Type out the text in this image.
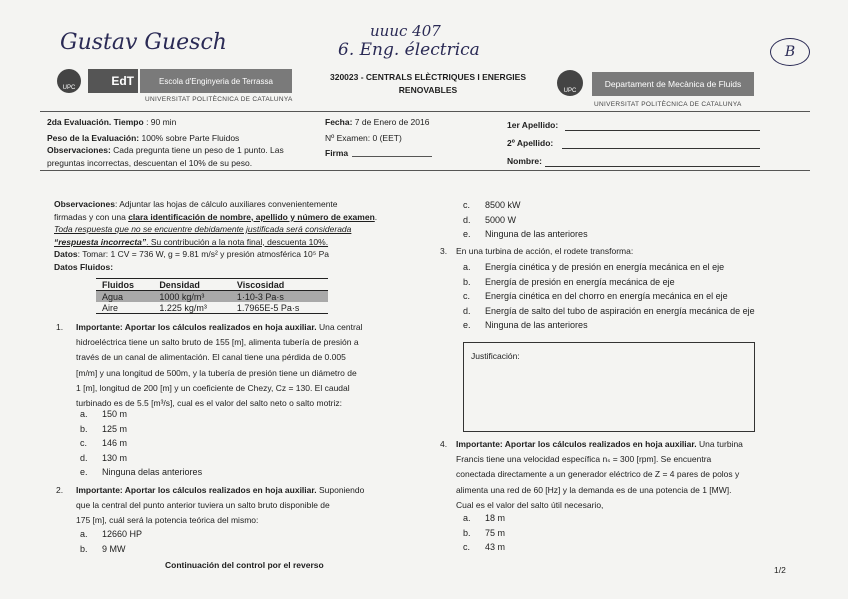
Gustav Guesch	uuuc 407
6. Eng. électrica	B
UPC	EdT	Escola d'Enginyeria de Terrassa
UNIVERSITAT POLITÈCNICA DE CATALUNYA
320023 - CENTRALS ELÈCTRIQUES I ENERGIES
RENOVABLES	UPC
Departament de Mecànica de Fluids
UNIVERSITAT POLITÈCNICA DE CATALUNYA
2da Evaluación. Tiempo : 90 min
Peso de la Evaluación: 100% sobre Parte Fluidos
Observaciones: Cada pregunta tiene un peso de 1 punto. Las
preguntas incorrectas, descuentan el 10% de su peso.
Fecha: 7 de Enero de 2016
Nº Examen: 0 (EET)
Firma
1er Apellido:
2º Apellido:
Nombre:
Observaciones: Adjuntar las hojas de cálculo auxiliares convenientemente
firmadas y con una clara identificación de nombre, apellido y número de examen.
Toda respuesta que no se encuentre debidamente justificada será considerada
“respuesta incorrecta”. Su contribución a la nota final, descuenta 10%.
Datos: Tomar: 1 CV = 736 W, g = 9.81 m/s² y presión atmosférica 10⁵ Pa
Datos Fluidos:
Fluidos	Densidad	Viscosidad
Agua	1000 kg/m³	1·10-3 Pa·s
Aire	1.225 kg/m³	1.7965E-5 Pa·s
1. Importante: Aportar los cálculos realizados en hoja auxiliar. Una central
hidroeléctrica tiene un salto bruto de 155 [m], alimenta tubería de presión a
través de un canal de alimentación. El canal tiene una pérdida de 0.005
[m/m] y una longitud de 500m, y la tubería de presión tiene un diámetro de
1 [m], longitud de 200 [m] y un coeficiente de Chezy, Cz = 130. El caudal
turbinado es de 5.5 [m³/s], cual es el valor del salto neto o salto motriz:
a. 150 m
b. 125 m
c. 146 m
d. 130 m
e. Ninguna delas anteriores
2. Importante: Aportar los cálculos realizados en hoja auxiliar. Suponiendo
que la central del punto anterior tuviera un salto bruto disponible de
175 [m], cuál será la potencia teórica del mismo:
a. 12660 HP
b. 9 MW
Continuación del control por el reverso
c. 8500 kW
d. 5000 W
e. Ninguna de las anteriores
3. En una turbina de acción, el rodete transforma:
a. Energía cinética y de presión en energía mecánica en el eje
b. Energía de presión en energía mecánica de eje
c. Energía cinética en del chorro en energía mecánica en el eje
d. Energía de salto del tubo de aspiración en energía mecánica de eje
e. Ninguna de las anteriores
Justificación:
4. Importante: Aportar los cálculos realizados en hoja auxiliar. Una turbina
Francis tiene una velocidad específica nₛ = 300 [rpm]. Se encuentra
conectada directamente a un generador eléctrico de Z = 4 pares de polos y
alimenta una red de 60 [Hz] y la demanda es de una potencia de 1 [MW].
Cual es el valor del salto útil necesario,
a. 18 m
b. 75 m
c. 43 m
1/2
